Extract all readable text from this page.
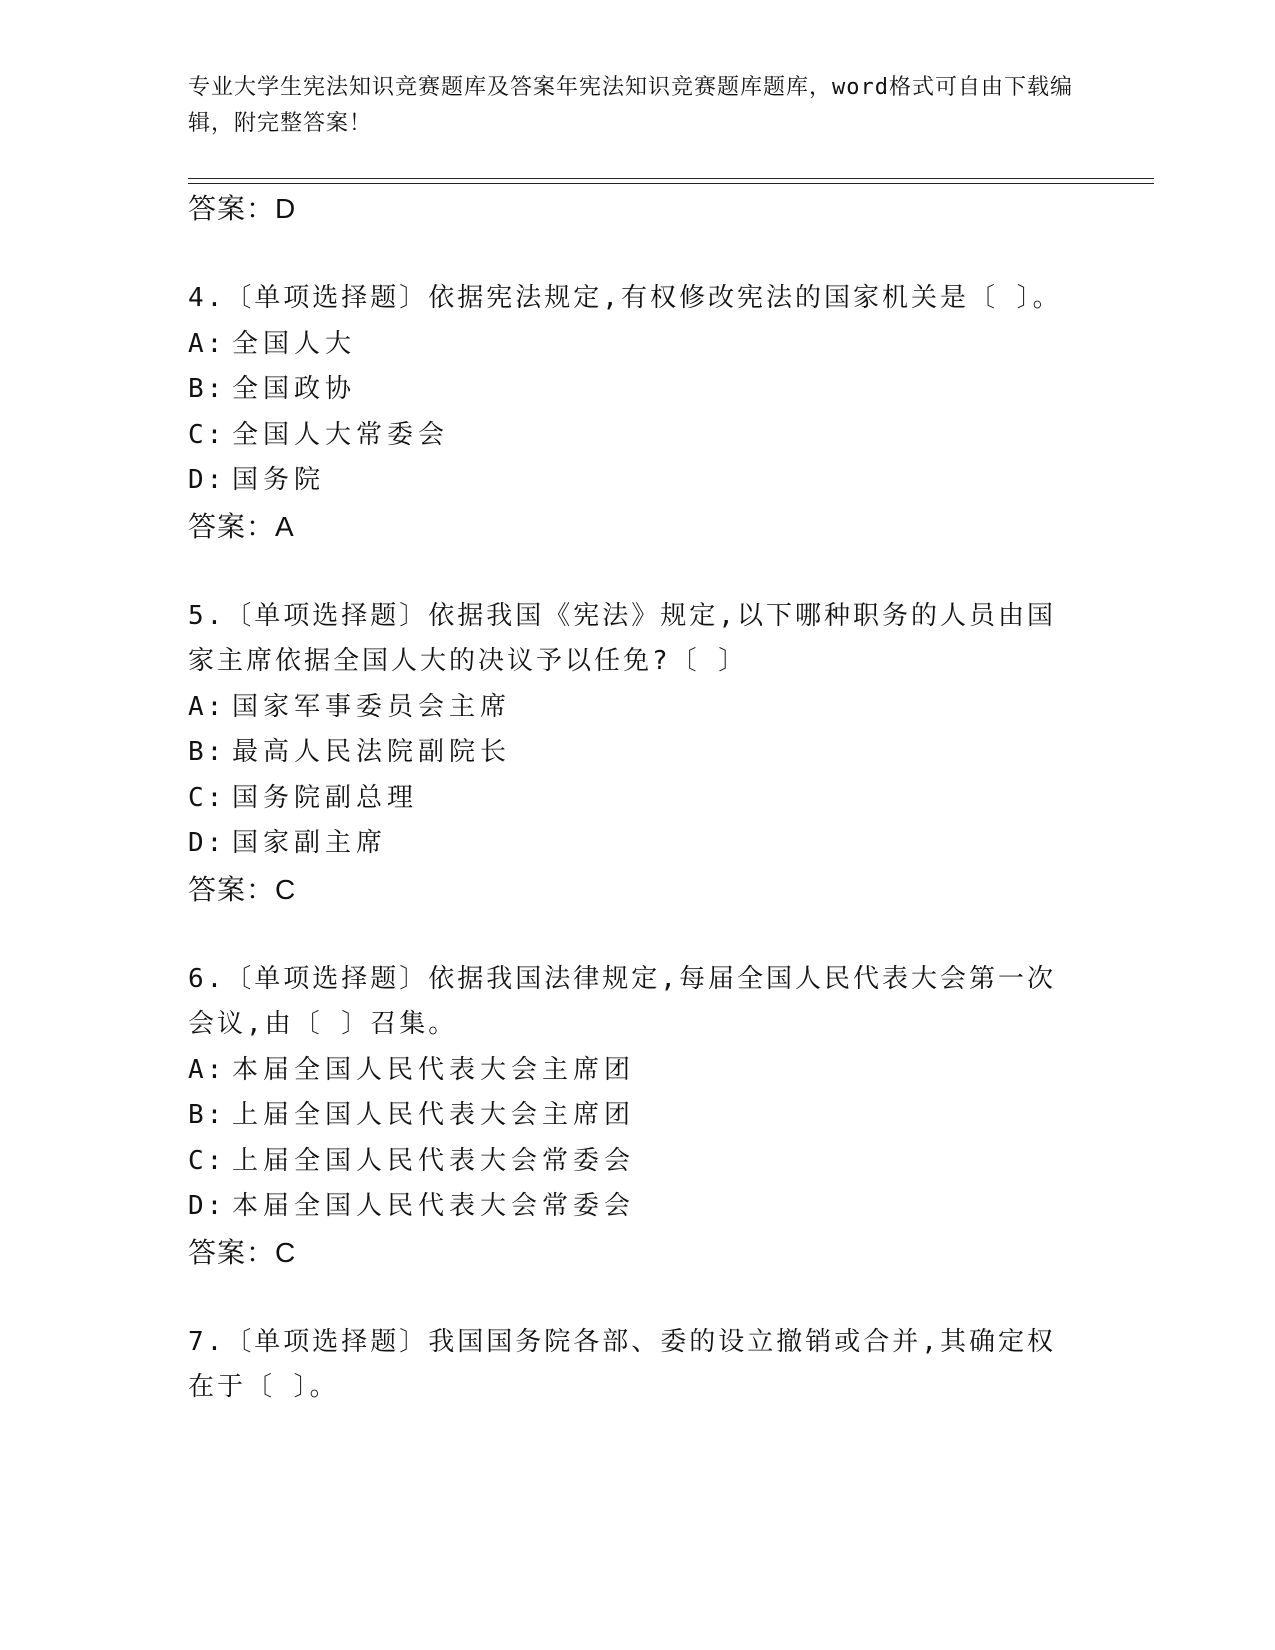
专业大学生宪法知识竞赛题库及答案年宪法知识竞赛题库题库，word格式可自由下载编辑，附完整答案！
答案：D
4.〔单项选择题〕依据宪法规定,有权修改宪法的国家机关是〔 〕。
A: 全国人大
B: 全国政协
C: 全国人大常委会
D: 国务院
答案：A
5.〔单项选择题〕依据我国《宪法》规定,以下哪种职务的人员由国家主席依据全国人大的决议予以任免?〔 〕
A: 国家军事委员会主席
B: 最高人民法院副院长
C: 国务院副总理
D: 国家副主席
答案：C
6.〔单项选择题〕依据我国法律规定,每届全国人民代表大会第一次会议,由〔 〕召集。
A: 本届全国人民代表大会主席团
B: 上届全国人民代表大会主席团
C: 上届全国人民代表大会常委会
D: 本届全国人民代表大会常委会
答案：C
7.〔单项选择题〕我国国务院各部、委的设立撤销或合并,其确定权在于〔 〕。
